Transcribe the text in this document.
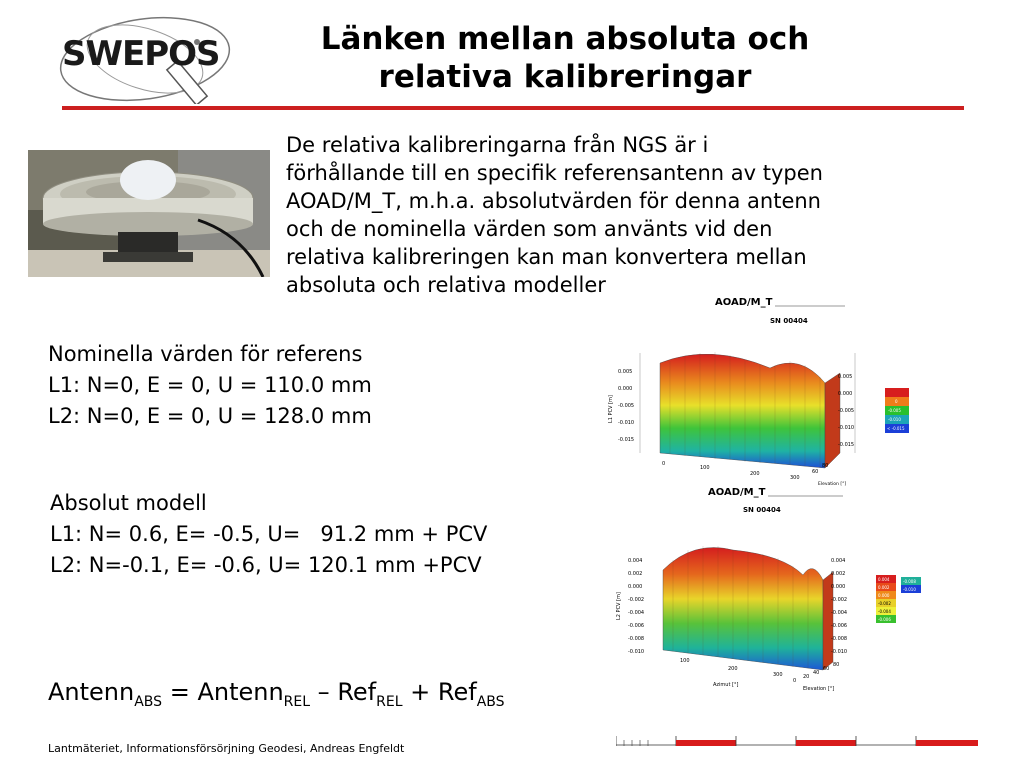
SWEPOS	Länken mellan absoluta och
relativa kalibreringar
De relativa kalibreringarna från NGS är i
förhållande till en specifik referensantenn av typen
AOAD/M_T, m.h.a. absolutvärden för denna antenn
och de nominella värden som använts vid den
relativa kalibreringen kan man konvertera mellan
absoluta och relativa modeller
Nominella värden för referens
L1: N=0, E = 0, U = 110.0 mm
L2: N=0, E = 0, U = 128.0 mm
Absolut modell
L1: N= 0.6, E= -0.5, U=   91.2 mm + PCV
L2: N=-0.1, E= -0.6, U= 120.1 mm +PCV
Antenn$_{ABS}$ = Antenn$_{REL}$ – Ref$_{REL}$ + Ref$_{ABS}$
AOAD/M_T
SN 00404
L1 PCV [m]
0.005
0.000
-0.005
-0.010
-0.015
0.005
0.000
-0.005
-0.010
-0.015
0
100
200
300
60
80
Elevation [°]
0
-0.005
-0.010
< -0.015
AOAD/M_T
SN 00404
L2 PCV [m]
0.004
0.002
0.000
-0.002
-0.004
-0.006
-0.008
-0.010
0.004
0.002
0.000
-0.002
-0.004
-0.006
-0.008
-0.010
100
200
300
0
20
40
60
80
Azimut [°]
Elevation [°]
0.004
0.002
0.000
-0.002
-0.004
-0.006
-0.008
-0.010
Lantmäteriet, Informationsförsörjning Geodesi, Andreas Engfeldt
